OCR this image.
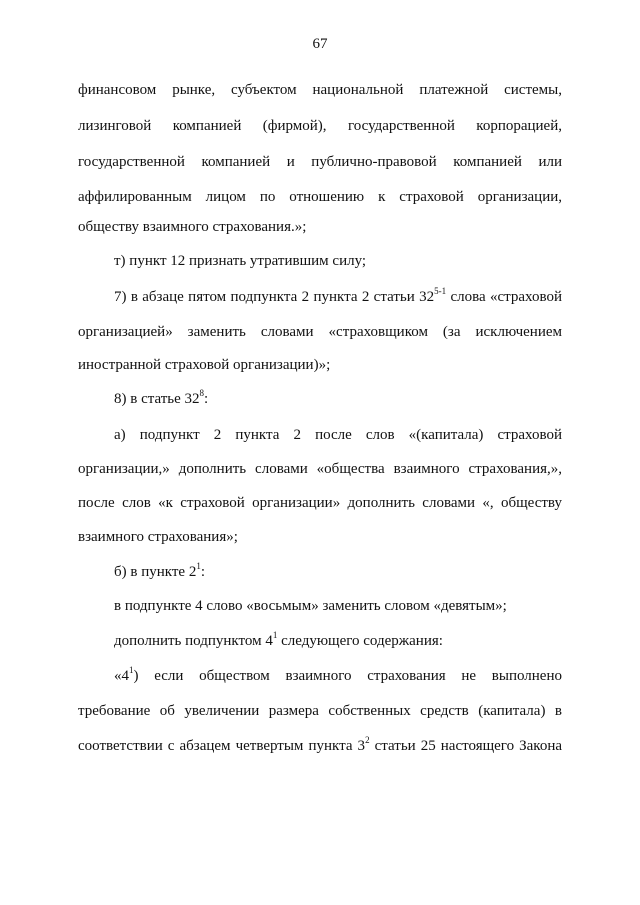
67
финансовом рынке, субъектом национальной платежной системы,
лизинговой компанией (фирмой), государственной корпорацией,
государственной компанией и публично-правовой компанией или
аффилированным лицом по отношению к страховой организации,
обществу взаимного страхования.»;
т) пункт 12 признать утратившим силу;
7) в абзаце пятом подпункта 2 пункта 2 статьи 32$^{5-1}$ слова «страховой
организацией» заменить словами «страховщиком (за исключением
иностранной страховой организации)»;
8) в статье $32^8$:
а) подпункт 2 пункта 2 после слов «(капитала) страховой
организации,» дополнить словами «общества взаимного страхования,»,
после слов «к страховой организации» дополнить словами «, обществу
взаимного страхования»;
б) в пункте $2^1$:
в подпункте 4 слово «восьмым» заменить словом «девятым»;
дополнить подпунктом $4^1$ следующего содержания:
«$4^1$) если обществом взаимного страхования не выполнено
требование об увеличении размера собственных средств (капитала) в
соответствии с абзацем четвертым пункта $3^2$ статьи 25 настоящего Закона
